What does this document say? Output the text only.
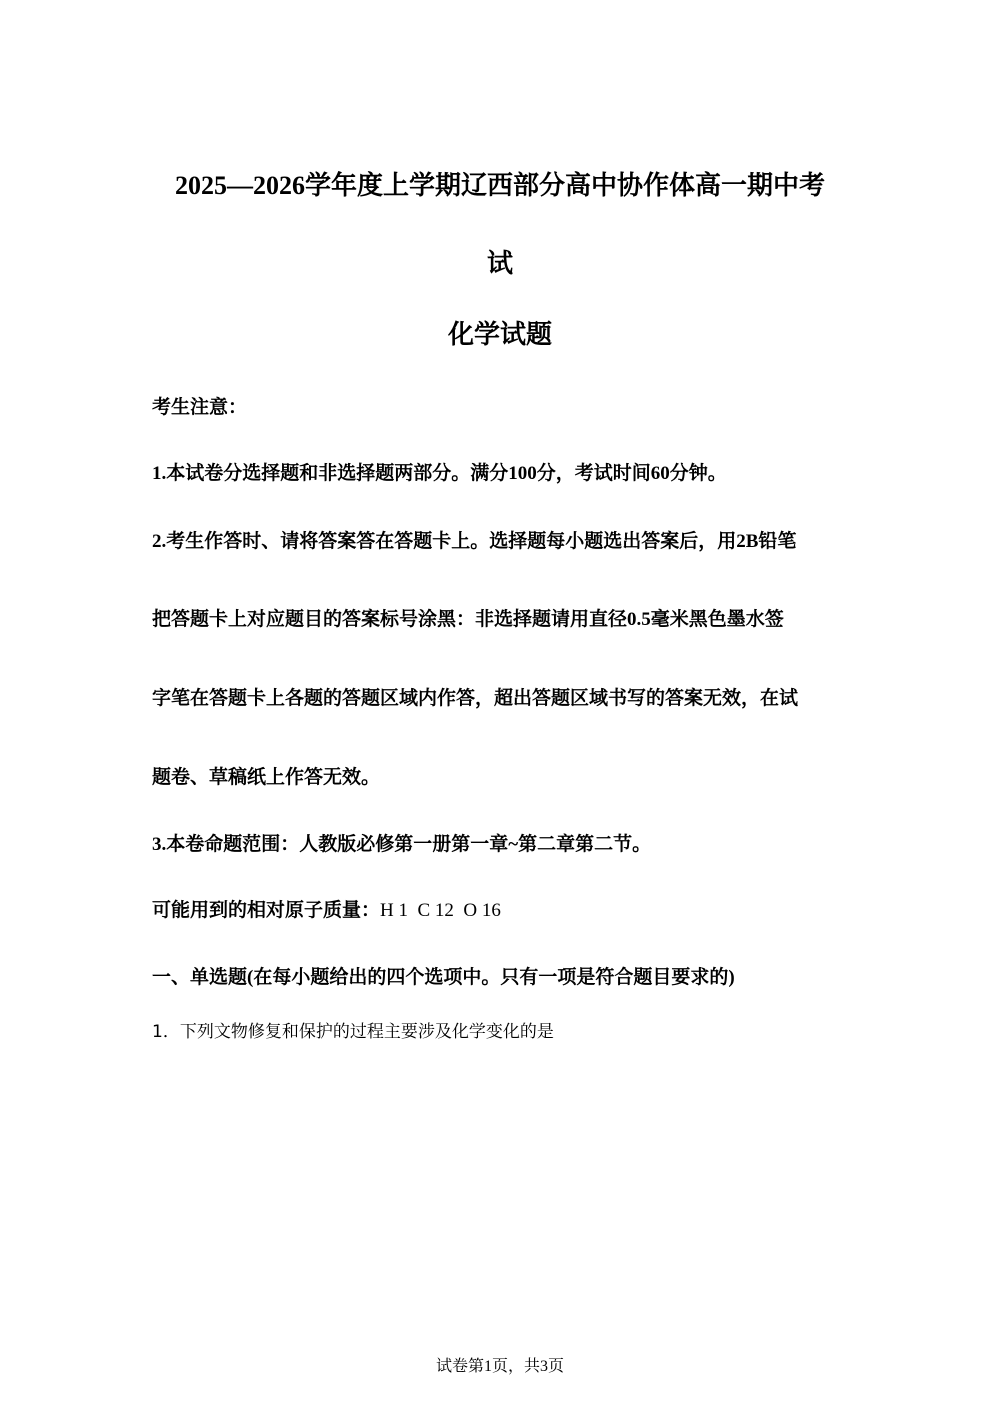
2025—2026学年度上学期辽西部分高中协作体高一期中考
试
化学试题
考生注意：
1.本试卷分选择题和非选择题两部分。满分100分，考试时间60分钟。
2.考生作答时、请将答案答在答题卡上。选择题每小题选出答案后，用2B铅笔
把答题卡上对应题目的答案标号涂黑：非选择题请用直径0.5毫米黑色墨水签
字笔在答题卡上各题的答题区域内作答，超出答题区域书写的答案无效，在试
题卷、草稿纸上作答无效。
3.本卷命题范围：人教版必修第一册第一章~第二章第二节。
可能用到的相对原子质量：H 1  C 12  O 16
一、单选题(在每小题给出的四个选项中。只有一项是符合题目要求的)
1．下列文物修复和保护的过程主要涉及化学变化的是
试卷第1页，共3页
